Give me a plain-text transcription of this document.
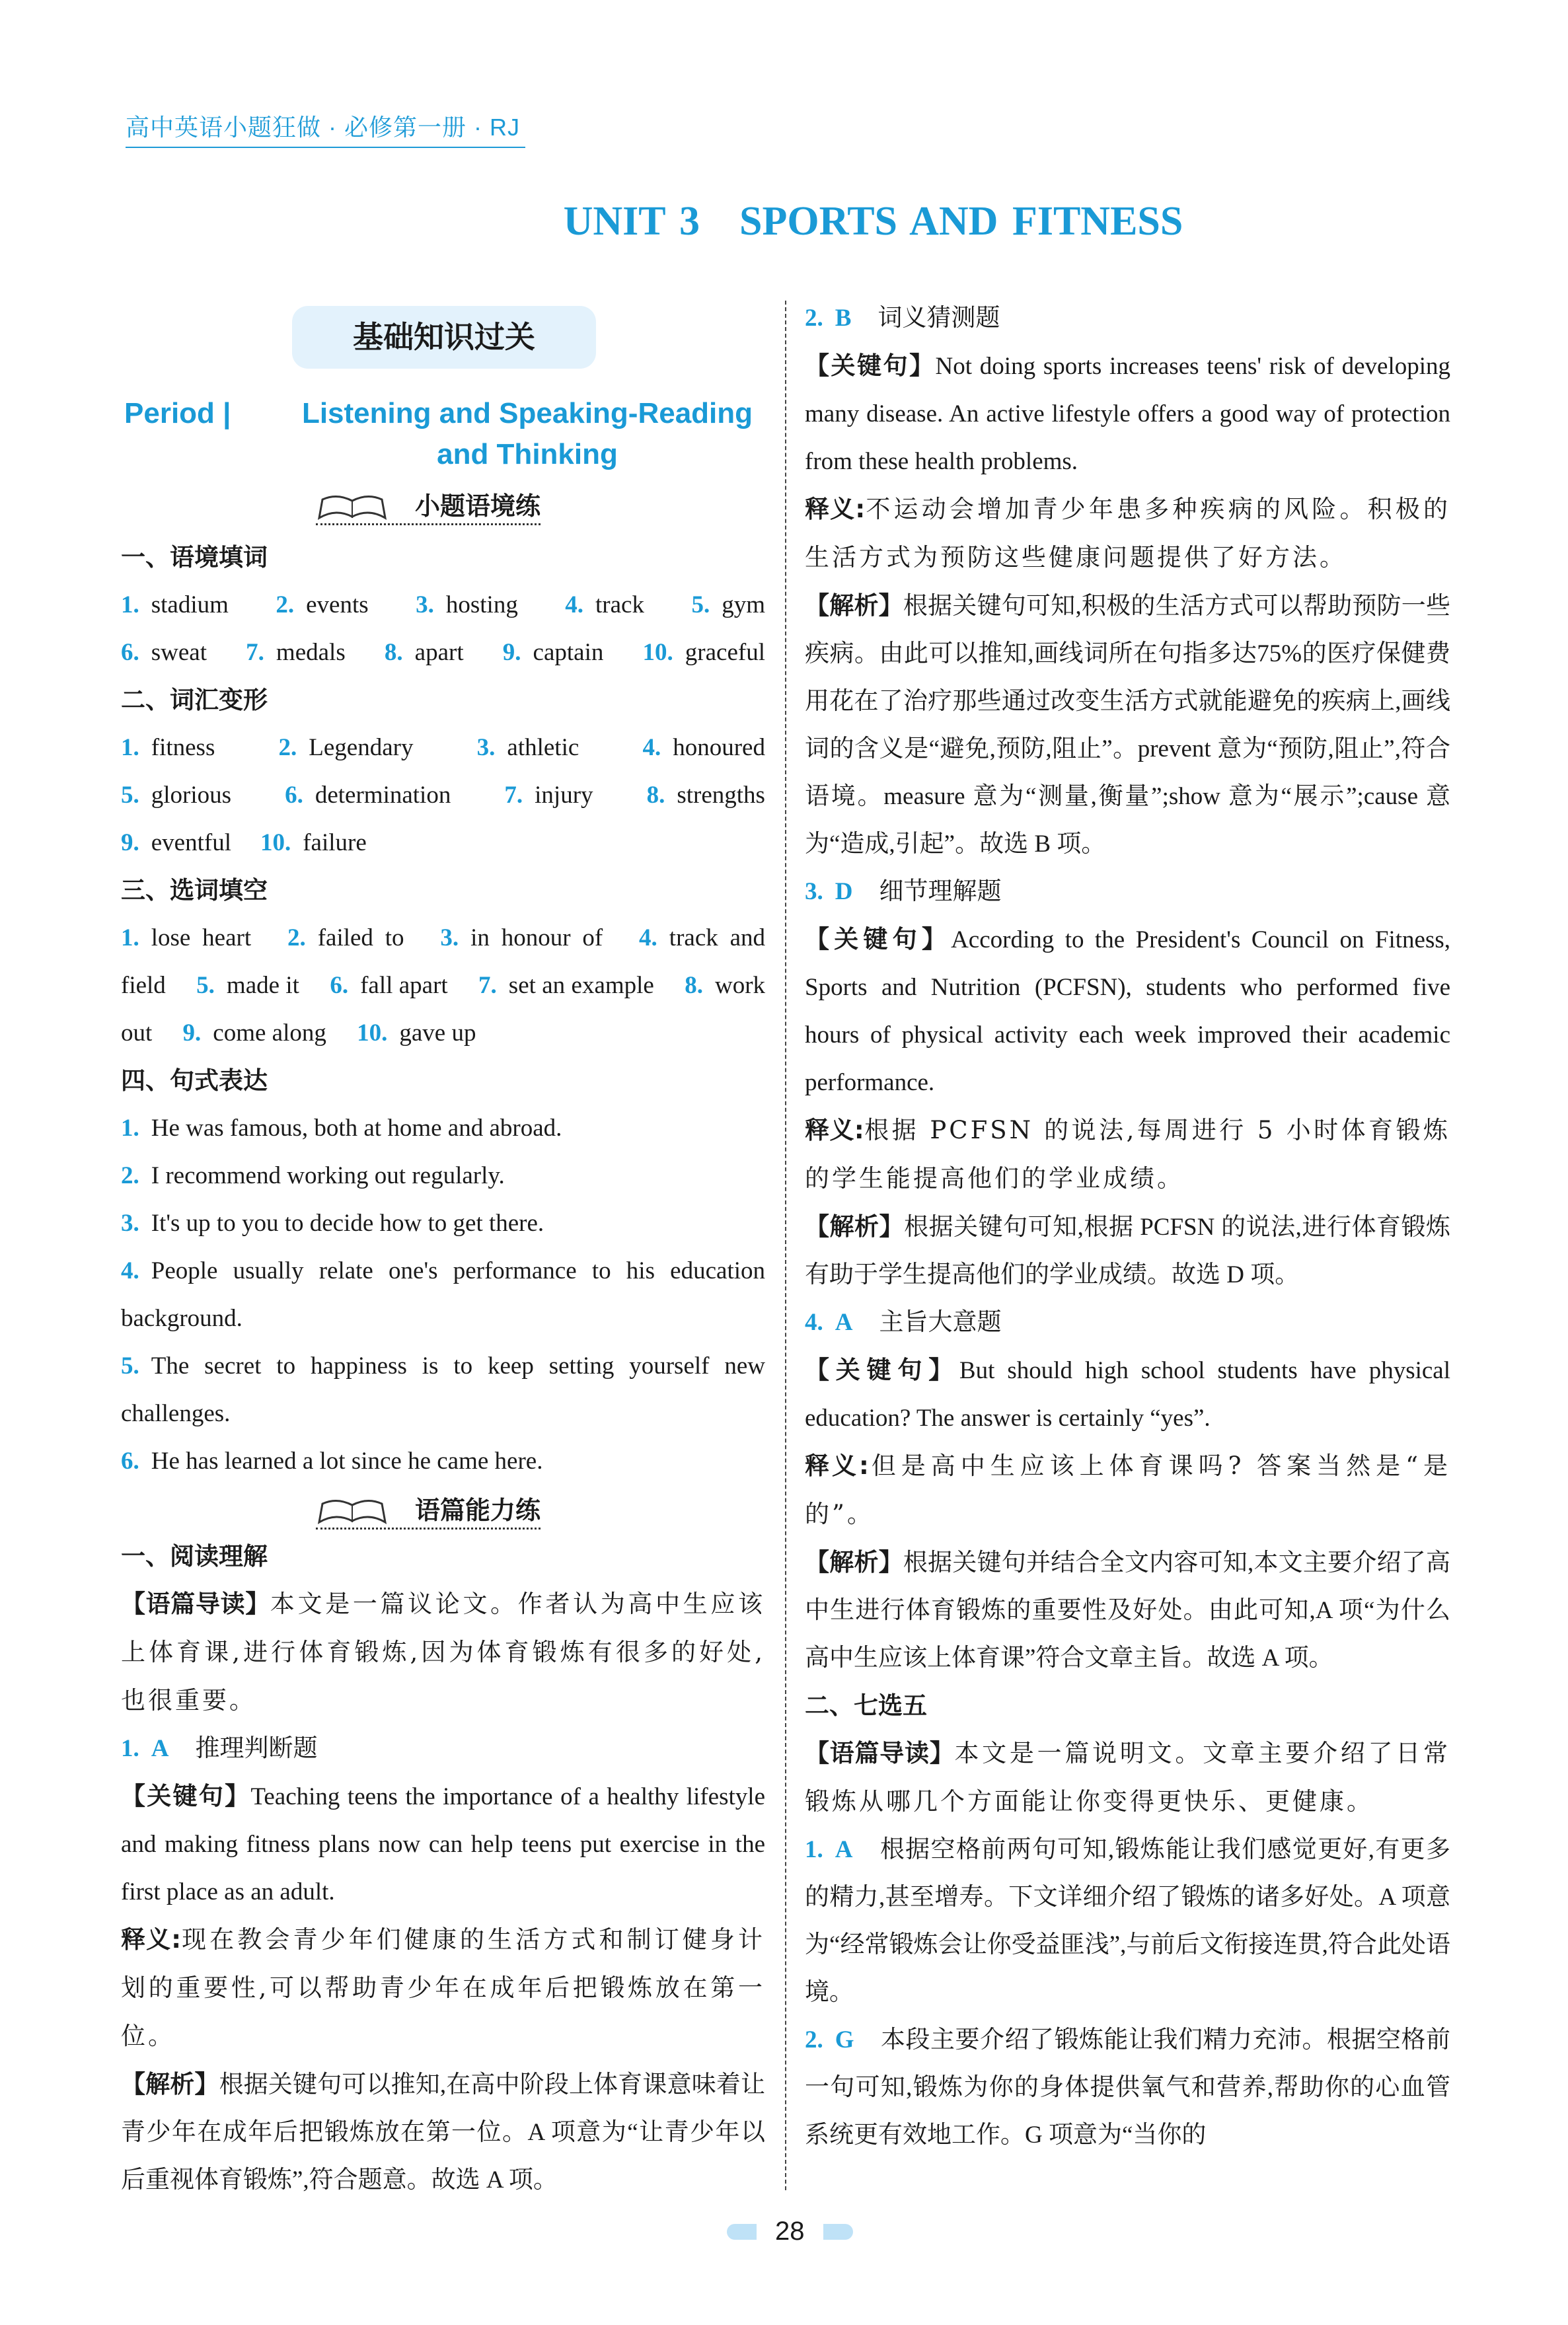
高中英语小题狂做 · 必修第一册 · RJ
UNIT 3 SPORTS AND FITNESS
基础知识过关
Period |	Listening and Speaking-Reading and Thinking
小题语境练
语篇能力练
一、语境填词
1. stadium 2. events 3. hosting 4. track 5. gym
6. sweat 7. medals 8. apart 9. captain 10. graceful
二、词汇变形
1. fitness	2. Legendary	3. athletic	4. honoured
5. glorious 6. determination 7. injury 8. strengths
9. eventful 10. failure
三、选词填空
1. lose heart  2. failed to  3. in honour of  4. track and field  5. made it  6. fall apart  7. set an example  8. work out  9. come along  10. gave up 
四、句式表达
1. He was famous, both at home and abroad.
2. I recommend working out regularly.
3. It's up to you to decide how to get there.
4. People usually relate one's performance to his education background.
5. The secret to happiness is to keep setting yourself new challenges.
6. He has learned a lot since he came here.
一、阅读理解
【语篇导读】本文是一篇议论文。作者认为高中生应该上体育课,进行体育锻炼,因为体育锻炼有很多的好处,也很重要。
1. A 推理判断题
【关键句】Teaching teens the importance of a healthy lifestyle and making fitness plans now can help teens put exercise in the first place as an adult.
释义:现在教会青少年们健康的生活方式和制订健身计划的重要性,可以帮助青少年在成年后把锻炼放在第一位。
【解析】根据关键句可以推知,在高中阶段上体育课意味着让青少年在成年后把锻炼放在第一位。A 项意为“让青少年以后重视体育锻炼”,符合题意。故选 A 项。
2. B 词义猜测题
【关键句】Not doing sports increases teens' risk of developing many disease. An active lifestyle offers a good way of protection from these health problems.
释义:不运动会增加青少年患多种疾病的风险。积极的生活方式为预防这些健康问题提供了好方法。
【解析】根据关键句可知,积极的生活方式可以帮助预防一些疾病。由此可以推知,画线词所在句指多达75%的医疗保健费用花在了治疗那些通过改变生活方式就能避免的疾病上,画线词的含义是“避免,预防,阻止”。prevent 意为“预防,阻止”,符合语境。measure 意为“测量,衡量”;show 意为“展示”;cause 意为“造成,引起”。故选 B 项。
3. D 细节理解题
【关键句】According to the President's Council on Fitness, Sports and Nutrition (PCFSN), students who performed five hours of physical activity each week improved their academic performance.
释义:根据 PCFSN 的说法,每周进行 5 小时体育锻炼的学生能提高他们的学业成绩。
【解析】根据关键句可知,根据 PCFSN 的说法,进行体育锻炼有助于学生提高他们的学业成绩。故选 D 项。
4. A 主旨大意题
【关键句】But should high school students have physical education? The answer is certainly “yes”.
释义:但是高中生应该上体育课吗? 答案当然是“是的”。
【解析】根据关键句并结合全文内容可知,本文主要介绍了高中生进行体育锻炼的重要性及好处。由此可知,A 项“为什么高中生应该上体育课”符合文章主旨。故选 A 项。
二、七选五
【语篇导读】本文是一篇说明文。文章主要介绍了日常锻炼从哪几个方面能让你变得更快乐、更健康。
1. A 根据空格前两句可知,锻炼能让我们感觉更好,有更多的精力,甚至增寿。下文详细介绍了锻炼的诸多好处。A 项意为“经常锻炼会让你受益匪浅”,与前后文衔接连贯,符合此处语境。
2. G 本段主要介绍了锻炼能让我们精力充沛。根据空格前一句可知,锻炼为你的身体提供氧气和营养,帮助你的心血管系统更有效地工作。G 项意为“当你的
28
